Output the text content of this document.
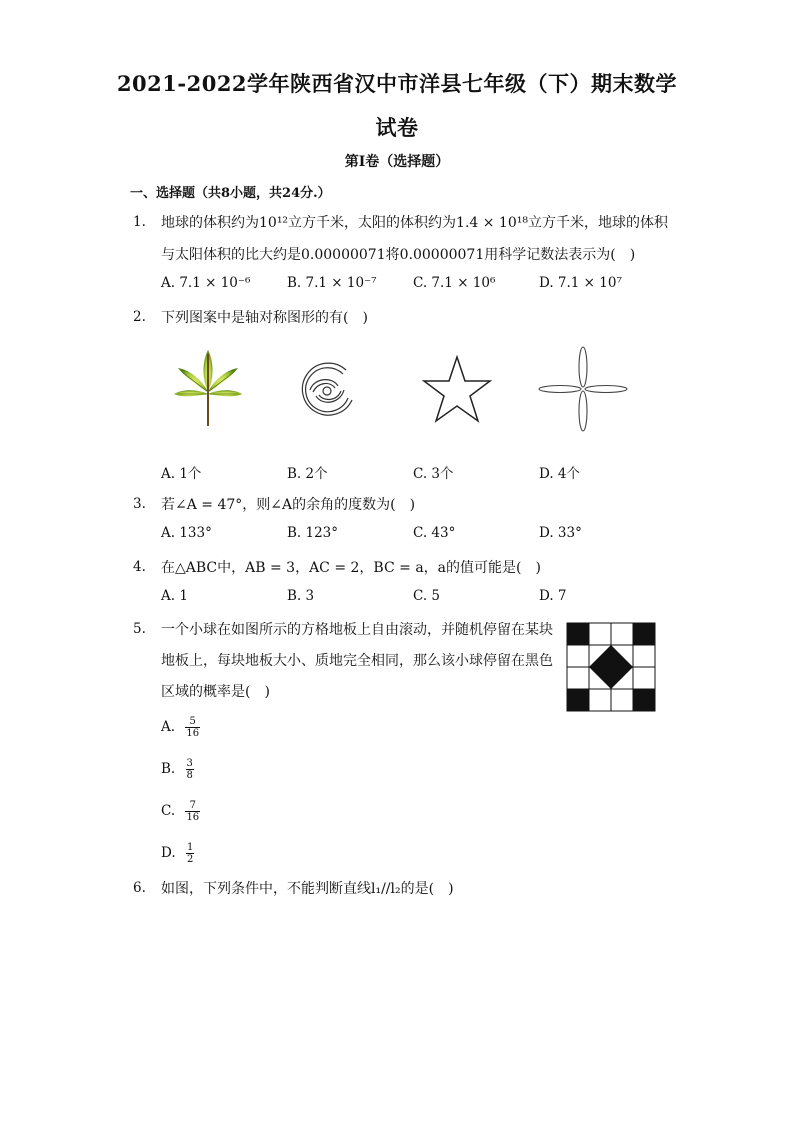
2021-2022学年陕西省汉中市洋县七年级（下）期末数学
试卷
第Ⅰ卷（选择题）
一、选择题（共8小题，共24分.）
1. 地球的体积约为10¹²立方千米，太阳的体积约为1.4 × 10¹⁸立方千米，地球的体积
与太阳体积的比大约是0.00000071将0.00000071用科学记数法表示为(　)
A. 7.1 × 10⁻⁶	B. 7.1 × 10⁻⁷	C. 7.1 × 10⁶	D. 7.1 × 10⁷
2. 下列图案中是轴对称图形的有(　)
A. 1个	B. 2个	C. 3个	D. 4个
3. 若∠A = 47°，则∠A的余角的度数为(　)
A. 133°	B. 123°	C. 43°	D. 33°
4. 在△ABC中，AB = 3，AC = 2，BC = a，a的值可能是(　)
A. 1	B. 3	C. 5	D. 7
5. 一个小球在如图所示的方格地板上自由滚动，并随机停留在某块
地板上，每块地板大小、质地完全相同，那么该小球停留在黑色
区域的概率是(　)
A. $\frac{5}{16}$
B. $\frac{3}{8}$
C. $\frac{7}{16}$
D. $\frac{1}{2}$
6. 如图，下列条件中，不能判断直线l₁//l₂的是(　)
